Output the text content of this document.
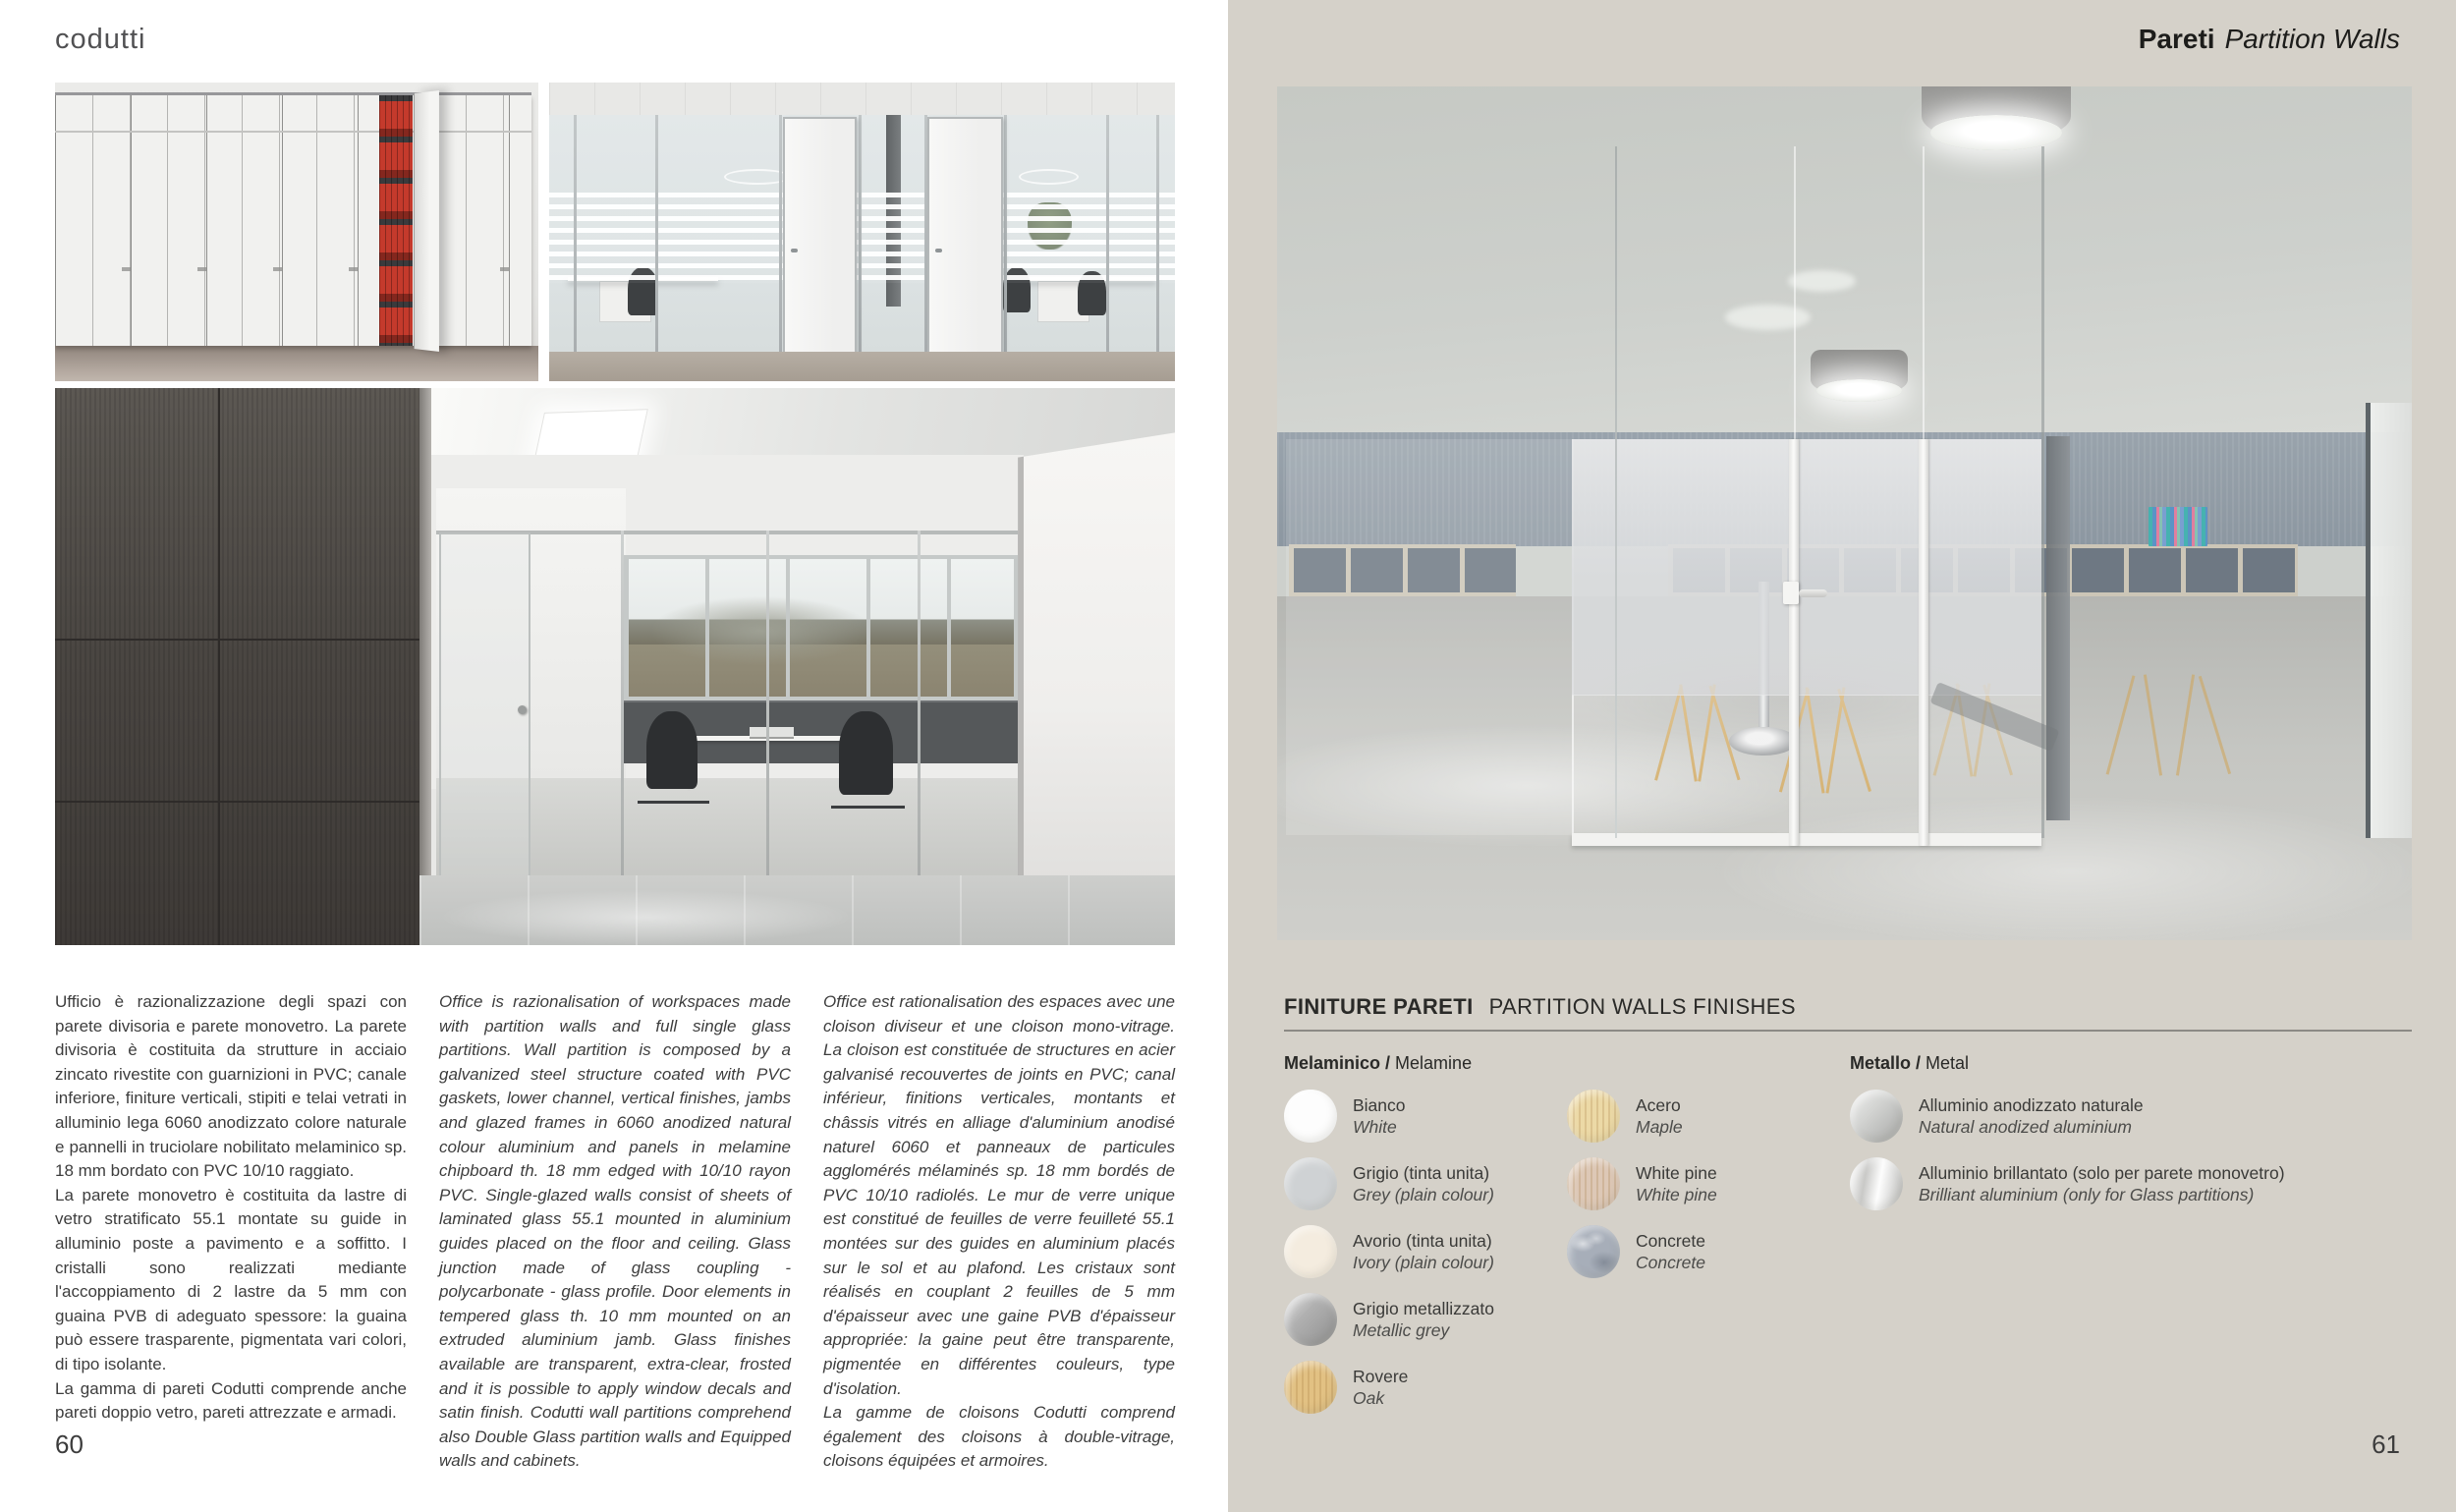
codutti

Ufficio è razionalizzazione degli spazi con parete divisoria e parete monovetro. La parete divisoria è costituita da strutture in acciaio zincato rivestite con guarnizioni in PVC; canale inferiore, finiture verticali, stipiti e telai vetrati in alluminio lega 6060 anodizzato colore naturale e pannelli in truciolare nobilitato melaminico sp. 18 mm bordato con PVC 10/10 raggiato.

La parete monovetro è costituita da lastre di vetro stratificato 55.1 montate su guide in alluminio poste a pavimento e a soffitto. I cristalli sono realizzati mediante l'accoppiamento di 2 lastre da 5 mm con guaina PVB di adeguato spessore: la guaina può essere trasparente, pigmentata vari colori, di tipo isolante.

La gamma di pareti Codutti comprende anche pareti doppio vetro, pareti attrezzate e armadi.

Office is razionalisation of workspaces made with partition walls and full single glass partitions. Wall partition is composed by a galvanized steel structure coated with PVC gaskets, lower channel, vertical finishes, jambs and glazed frames in 6060 anodized natural colour aluminium and panels in melamine chipboard th. 18 mm edged with 10/10 rayon PVC. Single-glazed walls consist of sheets of laminated glass 55.1 mounted in aluminium guides placed on the floor and ceiling. Glass junction made of glass coupling - polycarbonate - glass profile. Door elements in tempered glass th. 10 mm mounted on an extruded aluminium jamb. Glass finishes available are transparent, extra-clear, frosted and it is possible to apply window decals and satin finish. Codutti wall partitions comprehend also Double Glass partition walls and Equipped walls and cabinets.

Office est rationalisation des espaces avec une cloison diviseur et une cloison mono-vitrage. La cloison est constituée de structures en acier galvanisé recouvertes de joints en PVC; canal inférieur, finitions verticales, montants et châssis vitrés en alliage d'aluminium anodisé naturel 6060 et panneaux de particules agglomérés mélaminés sp. 18 mm bordés de PVC 10/10 radiolés. Le mur de verre unique est constitué de feuilles de verre feuilleté 55.1 montées sur des guides en aluminium placés sur le sol et au plafond. Les cristaux sont réalisés en couplant 2 feuilles de 5 mm d'épaisseur avec une gaine PVB d'épaisseur appropriée: la gaine peut être transparente, pigmentée en différentes couleurs, type d'isolation.

La gamme de cloisons Codutti comprend également des cloisons à double-vitrage, cloisons équipées et armoires.

60
Pareti Partition Walls
FINITURE PARETI PARTITION WALLS FINISHES
Melaminico / Melamine	Metallo / Metal
Bianco
White
Grigio (tinta unita)
Grey (plain colour)
Avorio (tinta unita)
Ivory (plain colour)
Grigio metallizzato
Metallic grey
Rovere
Oak
Acero
Maple
White pine
White pine
Concrete
Concrete
Alluminio anodizzato naturale
Natural anodized aluminium
Alluminio brillantato (solo per parete monovetro)
Brilliant aluminium (only for Glass partitions)
61
